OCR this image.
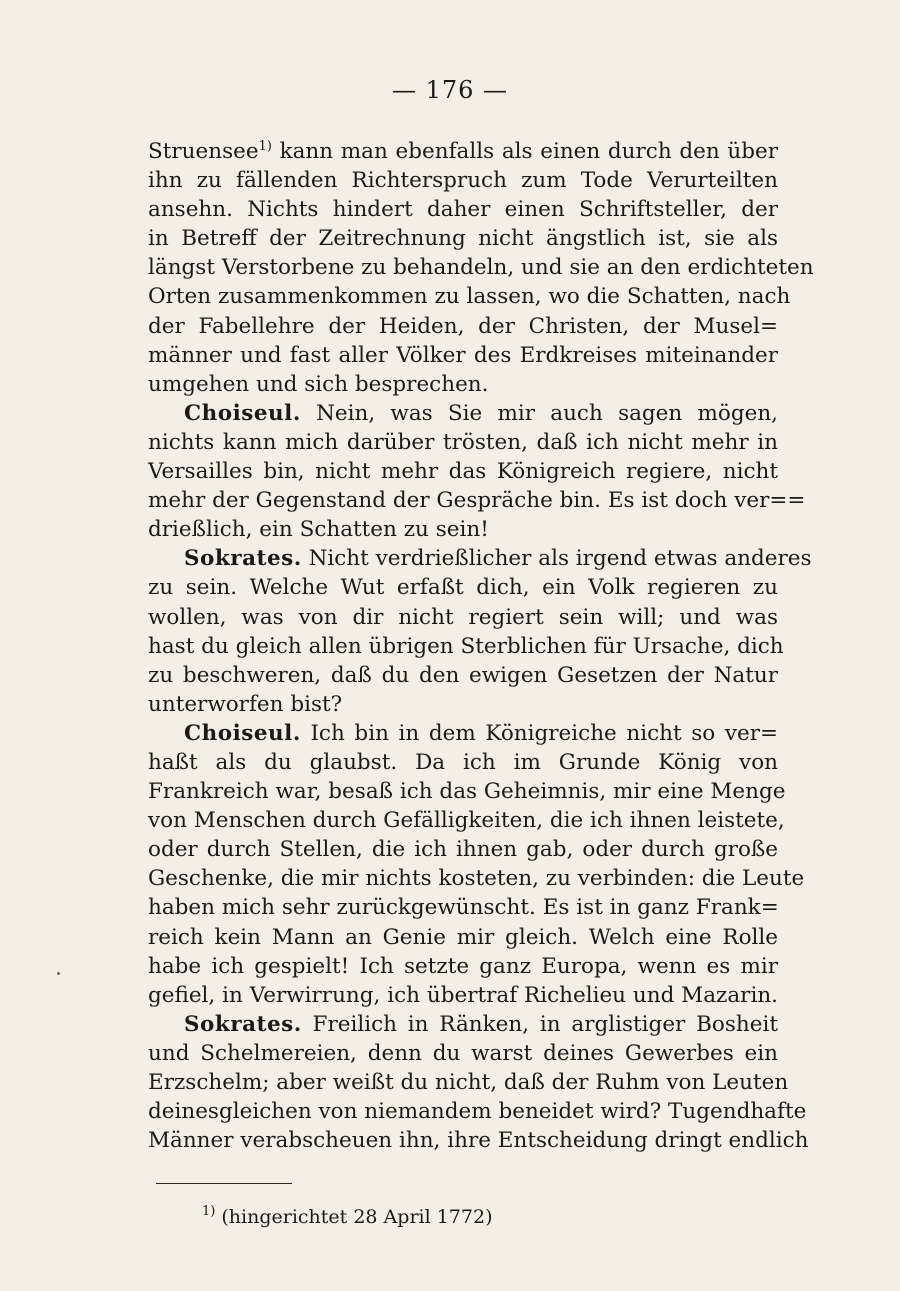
— 176 —
Struensee$^{1)}$ kann man ebenfalls als einen durch den über
ihn zu fällenden Richterspruch zum Tode Verurteilten
ansehn. Nichts hindert daher einen Schriftsteller, der
in Betreff der Zeitrechnung nicht ängstlich ist, sie als
längst Verstorbene zu behandeln, und sie an den erdichteten
Orten zusammenkommen zu lassen, wo die Schatten, nach
der Fabellehre der Heiden, der Christen, der Musel=
männer und fast aller Völker des Erdkreises miteinander
umgehen und sich besprechen.
Choiseul. Nein, was Sie mir auch sagen mögen,
nichts kann mich darüber trösten, daß ich nicht mehr in
Versailles bin, nicht mehr das Königreich regiere, nicht
mehr der Gegenstand der Gespräche bin. Es ist doch ver==
drießlich, ein Schatten zu sein!
Sokrates. Nicht verdrießlicher als irgend etwas anderes
zu sein. Welche Wut erfaßt dich, ein Volk regieren zu
wollen, was von dir nicht regiert sein will; und was
hast du gleich allen übrigen Sterblichen für Ursache, dich
zu beschweren, daß du den ewigen Gesetzen der Natur
unterworfen bist?
Choiseul. Ich bin in dem Königreiche nicht so ver=
haßt als du glaubst. Da ich im Grunde König von
Frankreich war, besaß ich das Geheimnis, mir eine Menge
von Menschen durch Gefälligkeiten, die ich ihnen leistete,
oder durch Stellen, die ich ihnen gab, oder durch große
Geschenke, die mir nichts kosteten, zu verbinden: die Leute
haben mich sehr zurückgewünscht. Es ist in ganz Frank=
reich kein Mann an Genie mir gleich. Welch eine Rolle
habe ich gespielt! Ich setzte ganz Europa, wenn es mir
gefiel, in Verwirrung, ich übertraf Richelieu und Mazarin.
Sokrates. Freilich in Ränken, in arglistiger Bosheit
und Schelmereien, denn du warst deines Gewerbes ein
Erzschelm; aber weißt du nicht, daß der Ruhm von Leuten
deinesgleichen von niemandem beneidet wird? Tugendhafte
Männer verabscheuen ihn, ihre Entscheidung dringt endlich
$^{1)}$ (hingerichtet 28 April 1772)
